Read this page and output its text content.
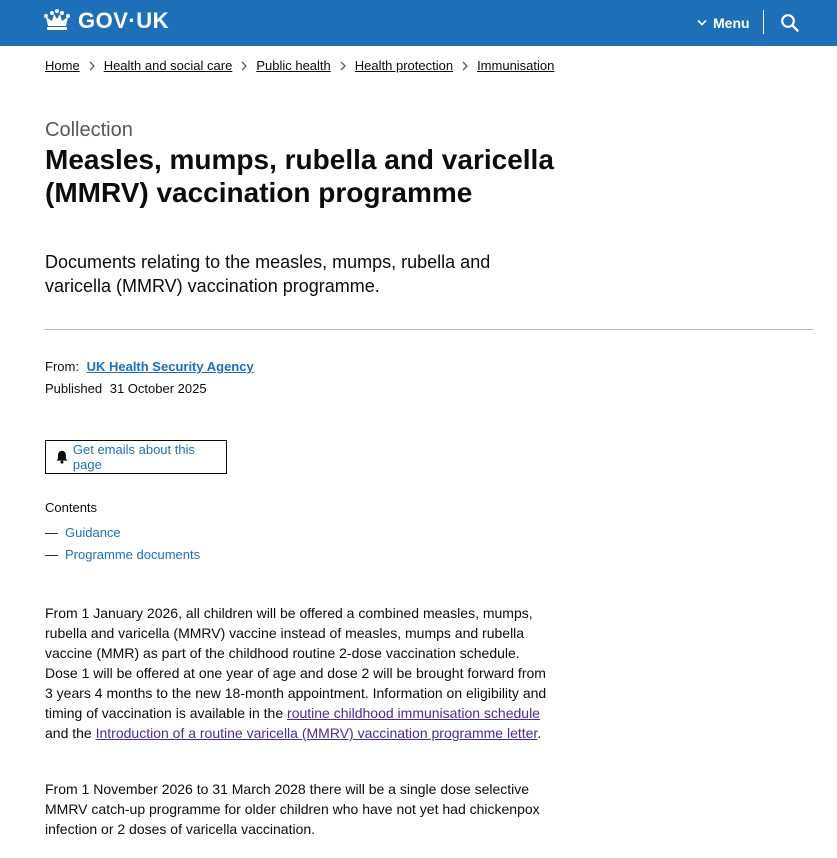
GOV·UK	Menu
Home Health and social care Public health Health protection Immunisation
Collection
Measles, mumps, rubella and varicella (MMRV) vaccination programme

Documents relating to the measles, mumps, rubella and varicella (MMRV) vaccination programme.

From: UK Health Security Agency
Published 31 October 2025
Get emails about this page
Contents
— Guidance
— Programme documents

From 1 January 2026, all children will be offered a combined measles, mumps, rubella and varicella (MMRV) vaccine instead of measles, mumps and rubella vaccine (MMR) as part of the childhood routine 2-dose vaccination schedule. Dose 1 will be offered at one year of age and dose 2 will be brought forward from 3 years 4 months to the new 18-month appointment. Information on eligibility and timing of vaccination is available in the routine childhood immunisation schedule and the Introduction of a routine varicella (MMRV) vaccination programme letter.

From 1 November 2026 to 31 March 2028 there will be a single dose selective MMRV catch-up programme for older children who have not yet had chickenpox infection or 2 doses of varicella vaccination.
